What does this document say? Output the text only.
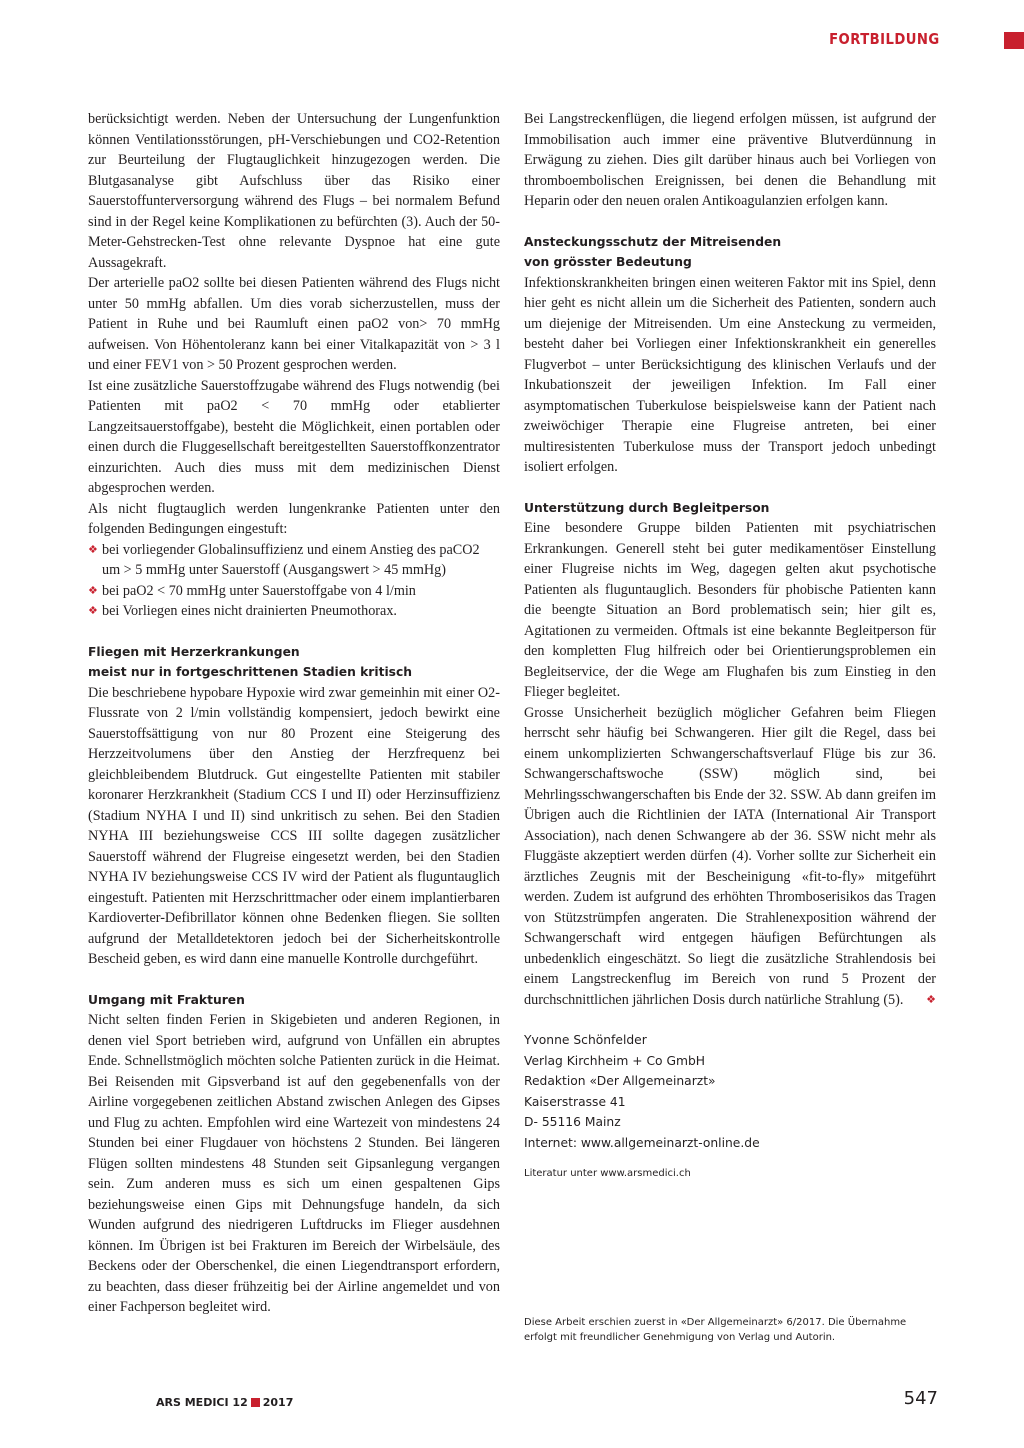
FORTBILDUNG

berücksichtigt werden. Neben der Untersuchung der Lungenfunktion können Ventilationsstörungen, pH-Verschiebungen und CO2-Retention zur Beurteilung der Flugtauglichkeit hinzugezogen werden. Die Blutgasanalyse gibt Aufschluss über das Risiko einer Sauerstoffunterversorgung während des Flugs – bei normalem Befund sind in der Regel keine Komplikationen zu befürchten (3). Auch der 50-Meter-Gehstrecken-Test ohne relevante Dyspnoe hat eine gute Aussagekraft.

Der arterielle paO2 sollte bei diesen Patienten während des Flugs nicht unter 50 mmHg abfallen. Um dies vorab sicherzustellen, muss der Patient in Ruhe und bei Raumluft einen paO2 von> 70 mmHg aufweisen. Von Höhentoleranz kann bei einer Vitalkapazität von > 3 l und einer FEV1 von > 50 Prozent gesprochen werden.

Ist eine zusätzliche Sauerstoffzugabe während des Flugs notwendig (bei Patienten mit paO2 < 70 mmHg oder etablierter Langzeitsauerstoffgabe), besteht die Möglichkeit, einen portablen oder einen durch die Fluggesellschaft bereitgestellten Sauerstoffkonzentrator einzurichten. Auch dies muss mit dem medizinischen Dienst abgesprochen werden.

Als nicht flugtauglich werden lungenkranke Patienten unter den folgenden Bedingungen eingestuft:

❖ bei vorliegender Globalinsuffizienz und einem Anstieg des paCO2 um > 5 mmHg unter Sauerstoff (Ausgangswert > 45 mmHg)
❖ bei paO2 < 70 mmHg unter Sauerstoffgabe von 4 l/min
❖ bei Vorliegen eines nicht drainierten Pneumothorax.
Fliegen mit Herzerkrankungen
meist nur in fortgeschrittenen Stadien kritisch

Die beschriebene hypobare Hypoxie wird zwar gemeinhin mit einer O2-Flussrate von 2 l/min vollständig kompensiert, jedoch bewirkt eine Sauerstoffsättigung von nur 80 Prozent eine Steigerung des Herzzeitvolumens über den Anstieg der Herzfrequenz bei gleichbleibendem Blutdruck. Gut eingestellte Patienten mit stabiler koronarer Herzkrankheit (Stadium CCS I und II) oder Herzinsuffizienz (Stadium NYHA I und II) sind unkritisch zu sehen. Bei den Stadien NYHA III beziehungsweise CCS III sollte dagegen zusätzlicher Sauerstoff während der Flugreise eingesetzt werden, bei den Stadien NYHA IV beziehungsweise CCS IV wird der Patient als fluguntauglich eingestuft. Patienten mit Herzschrittmacher oder einem implantierbaren Kardioverter-Defibrillator können ohne Bedenken fliegen. Sie sollten aufgrund der Metalldetektoren jedoch bei der Sicherheitskontrolle Bescheid geben, es wird dann eine manuelle Kontrolle durchgeführt.

Umgang mit Frakturen

Nicht selten finden Ferien in Skigebieten und anderen Regionen, in denen viel Sport betrieben wird, aufgrund von Unfällen ein abruptes Ende. Schnellstmöglich möchten solche Patienten zurück in die Heimat. Bei Reisenden mit Gipsverband ist auf den gegebenenfalls von der Airline vorgegebenen zeitlichen Abstand zwischen Anlegen des Gipses und Flug zu achten. Empfohlen wird eine Wartezeit von mindestens 24 Stunden bei einer Flugdauer von höchstens 2 Stunden. Bei längeren Flügen sollten mindestens 48 Stunden seit Gipsanlegung vergangen sein. Zum anderen muss es sich um einen gespaltenen Gips beziehungsweise einen Gips mit Dehnungsfuge handeln, da sich Wunden aufgrund des niedrigeren Luftdrucks im Flieger ausdehnen können. Im Übrigen ist bei Frakturen im Bereich der Wirbelsäule, des Beckens oder der Oberschenkel, die einen Liegendtransport erfordern, zu beachten, dass dieser frühzeitig bei der Airline angemeldet und von einer Fachperson begleitet wird.

Bei Langstreckenflügen, die liegend erfolgen müssen, ist aufgrund der Immobilisation auch immer eine präventive Blutverdünnung in Erwägung zu ziehen. Dies gilt darüber hinaus auch bei Vorliegen von thromboembolischen Ereignissen, bei denen die Behandlung mit Heparin oder den neuen oralen Antikoagulanzien erfolgen kann.

Ansteckungsschutz der Mitreisenden
von grösster Bedeutung

Infektionskrankheiten bringen einen weiteren Faktor mit ins Spiel, denn hier geht es nicht allein um die Sicherheit des Patienten, sondern auch um diejenige der Mitreisenden. Um eine Ansteckung zu vermeiden, besteht daher bei Vorliegen einer Infektionskrankheit ein generelles Flugverbot – unter Berücksichtigung des klinischen Verlaufs und der Inkubationszeit der jeweiligen Infektion. Im Fall einer asymptomatischen Tuberkulose beispielsweise kann der Patient nach zweiwöchiger Therapie eine Flugreise antreten, bei einer multiresistenten Tuberkulose muss der Transport jedoch unbedingt isoliert erfolgen.

Unterstützung durch Begleitperson

Eine besondere Gruppe bilden Patienten mit psychiatrischen Erkrankungen. Generell steht bei guter medikamentöser Einstellung einer Flugreise nichts im Weg, dagegen gelten akut psychotische Patienten als fluguntauglich. Besonders für phobische Patienten kann die beengte Situation an Bord problematisch sein; hier gilt es, Agitationen zu vermeiden. Oftmals ist eine bekannte Begleitperson für den kompletten Flug hilfreich oder bei Orientierungsproblemen ein Begleitservice, der die Wege am Flughafen bis zum Einstieg in den Flieger begleitet.

Grosse Unsicherheit bezüglich möglicher Gefahren beim Fliegen herrscht sehr häufig bei Schwangeren. Hier gilt die Regel, dass bei einem unkomplizierten Schwangerschaftsverlauf Flüge bis zur 36. Schwangerschaftswoche (SSW) möglich sind, bei Mehrlingsschwangerschaften bis Ende der 32. SSW. Ab dann greifen im Übrigen auch die Richtlinien der IATA (International Air Transport Association), nach denen Schwangere ab der 36. SSW nicht mehr als Fluggäste akzeptiert werden dürfen (4). Vorher sollte zur Sicherheit ein ärztliches Zeugnis mit der Bescheinigung «fit-to-fly» mitgeführt werden. Zudem ist aufgrund des erhöhten Thromboserisikos das Tragen von Stützstrümpfen angeraten. Die Strahlenexposition während der Schwangerschaft wird entgegen häufigen Befürchtungen als unbedenklich eingeschätzt. So liegt die zusätzliche Strahlendosis bei einem Langstreckenflug im Bereich von rund 5 Prozent der durchschnittlichen jährlichen Dosis durch natürliche Strahlung (5). ❖

Yvonne Schönfelder
Verlag Kirchheim + Co GmbH
Redaktion «Der Allgemeinarzt»
Kaiserstrasse 41
D- 55116 Mainz
Internet: www.allgemeinarzt-online.de
Literatur unter www.arsmedici.ch
Diese Arbeit erschien zuerst in «Der Allgemeinarzt» 6/2017. Die Übernahme erfolgt mit freundlicher Genehmigung von Verlag und Autorin.
ARS MEDICI 12 2017	547
